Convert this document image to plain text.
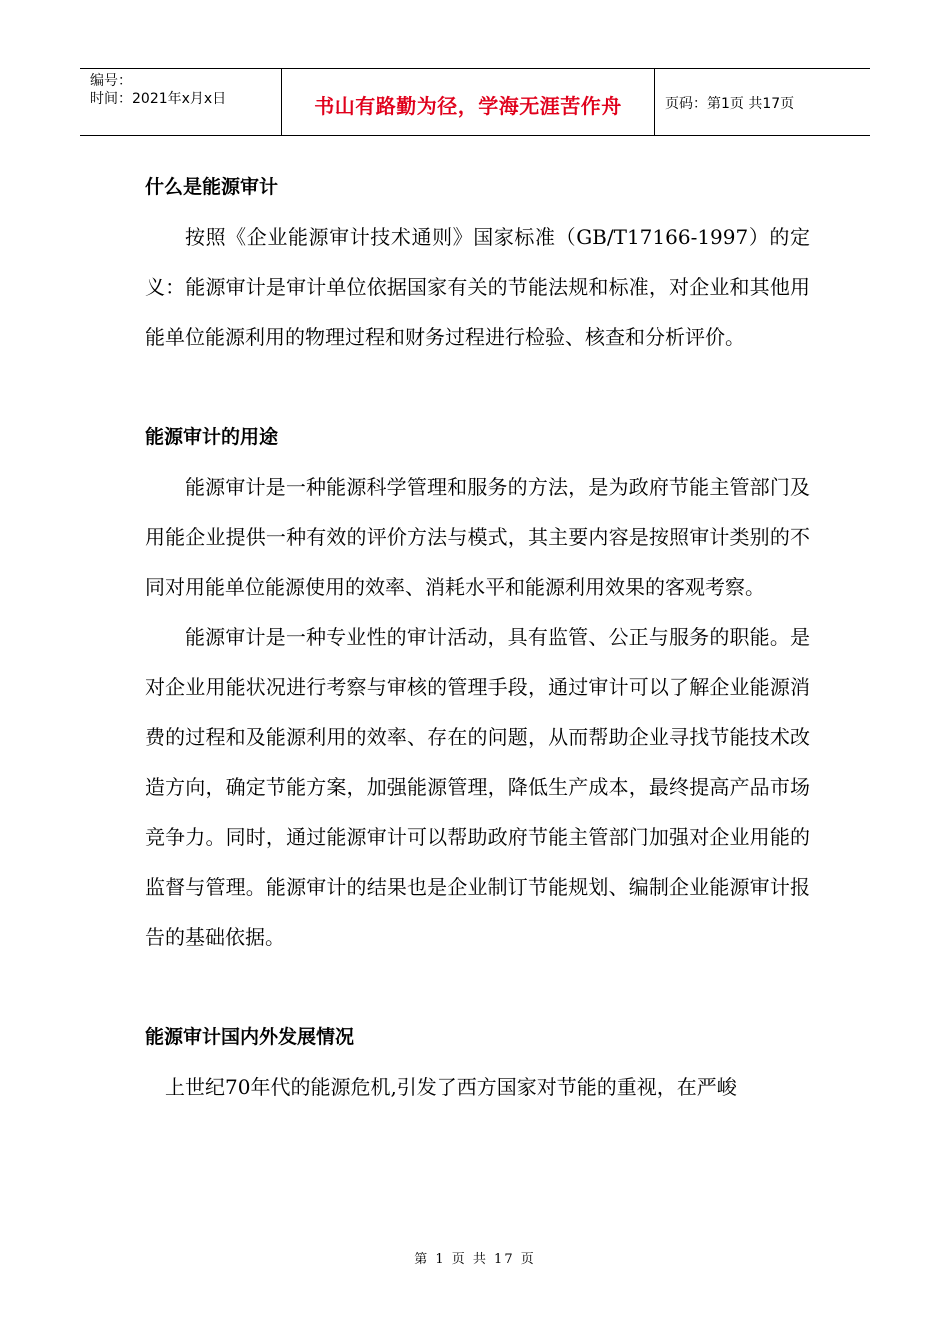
编号：
时间：2021年x月x日	书山有路勤为径，学海无涯苦作舟	页码：第1页 共17页
什么是能源审计

按照《企业能源审计技术通则》国家标准（GB/T17166-1997）的定义：能源审计是审计单位依据国家有关的节能法规和标准，对企业和其他用能单位能源利用的物理过程和财务过程进行检验、核查和分析评价。

能源审计的用途

能源审计是一种能源科学管理和服务的方法，是为政府节能主管部门及用能企业提供一种有效的评价方法与模式，其主要内容是按照审计类别的不同对用能单位能源使用的效率、消耗水平和能源利用效果的客观考察。

能源审计是一种专业性的审计活动，具有监管、公正与服务的职能。是对企业用能状况进行考察与审核的管理手段，通过审计可以了解企业能源消费的过程和及能源利用的效率、存在的问题，从而帮助企业寻找节能技术改造方向，确定节能方案，加强能源管理，降低生产成本，最终提高产品市场竞争力。同时，通过能源审计可以帮助政府节能主管部门加强对企业用能的监督与管理。能源审计的结果也是企业制订节能规划、编制企业能源审计报告的基础依据。

能源审计国内外发展情况

上世纪70年代的能源危机,引发了西方国家对节能的重视，在严峻

第 1 页 共 17 页
